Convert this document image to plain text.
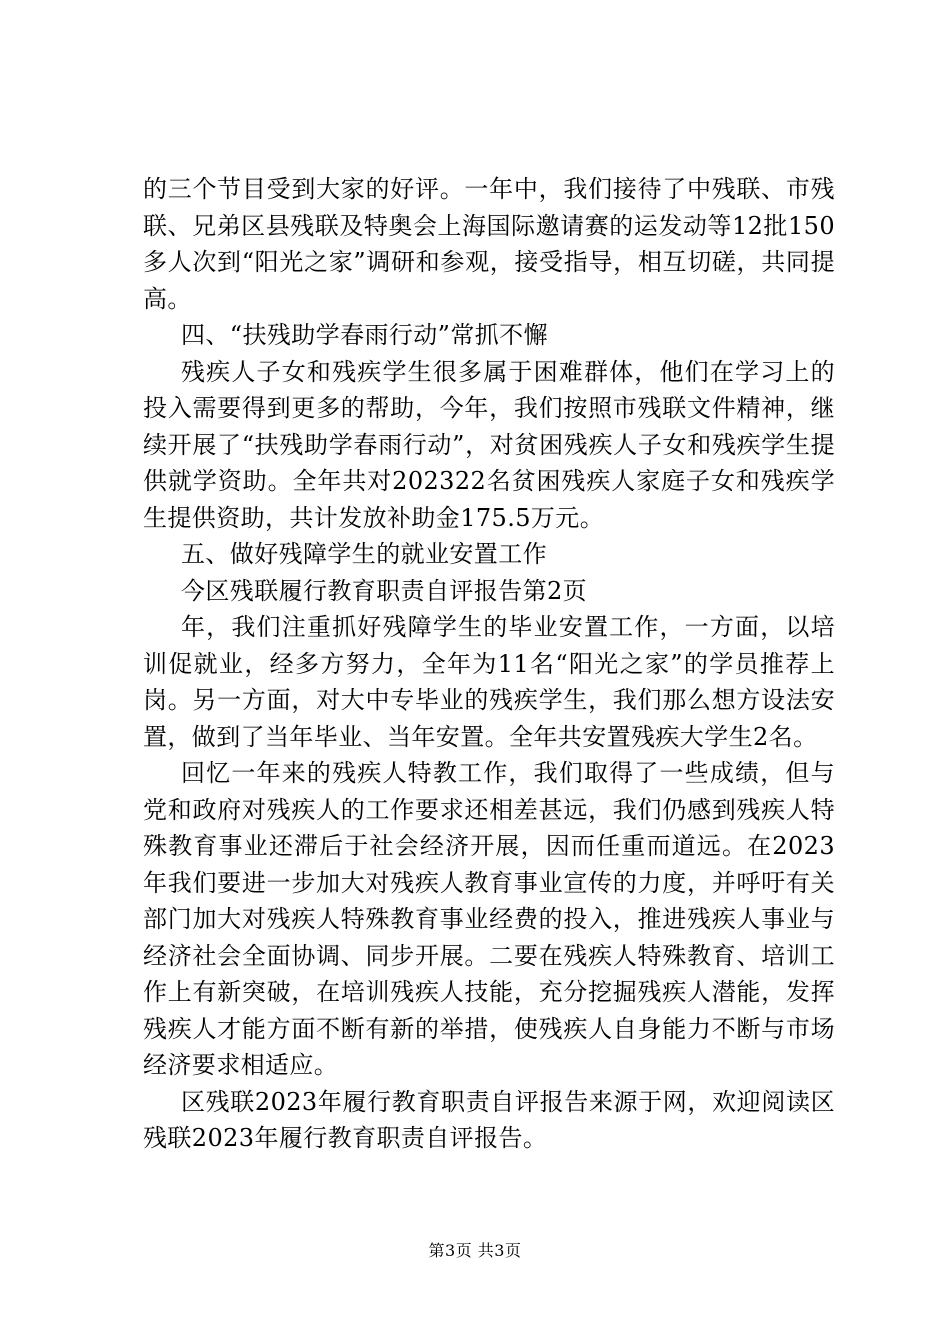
的三个节目受到大家的好评。一年中，我们接待了中残联、市残联、兄弟区县残联及特奥会上海国际邀请赛的运发动等12批150多人次到“阳光之家”调研和参观，接受指导，相互切磋，共同提高。

四、“扶残助学春雨行动”常抓不懈

残疾人子女和残疾学生很多属于困难群体，他们在学习上的投入需要得到更多的帮助，今年，我们按照市残联文件精神，继续开展了“扶残助学春雨行动”，对贫困残疾人子女和残疾学生提供就学资助。全年共对202322名贫困残疾人家庭子女和残疾学生提供资助，共计发放补助金175.5万元。

五、做好残障学生的就业安置工作

今区残联履行教育职责自评报告第2页

年，我们注重抓好残障学生的毕业安置工作，一方面，以培训促就业，经多方努力，全年为11名“阳光之家”的学员推荐上岗。另一方面，对大中专毕业的残疾学生，我们那么想方设法安置，做到了当年毕业、当年安置。全年共安置残疾大学生2名。

回忆一年来的残疾人特教工作，我们取得了一些成绩，但与党和政府对残疾人的工作要求还相差甚远，我们仍感到残疾人特殊教育事业还滞后于社会经济开展，因而任重而道远。在2023年我们要进一步加大对残疾人教育事业宣传的力度，并呼吁有关部门加大对残疾人特殊教育事业经费的投入，推进残疾人事业与经济社会全面协调、同步开展。二要在残疾人特殊教育、培训工作上有新突破，在培训残疾人技能，充分挖掘残疾人潜能，发挥残疾人才能方面不断有新的举措，使残疾人自身能力不断与市场经济要求相适应。

区残联2023年履行教育职责自评报告来源于网，欢迎阅读区残联2023年履行教育职责自评报告。

第3页 共3页
